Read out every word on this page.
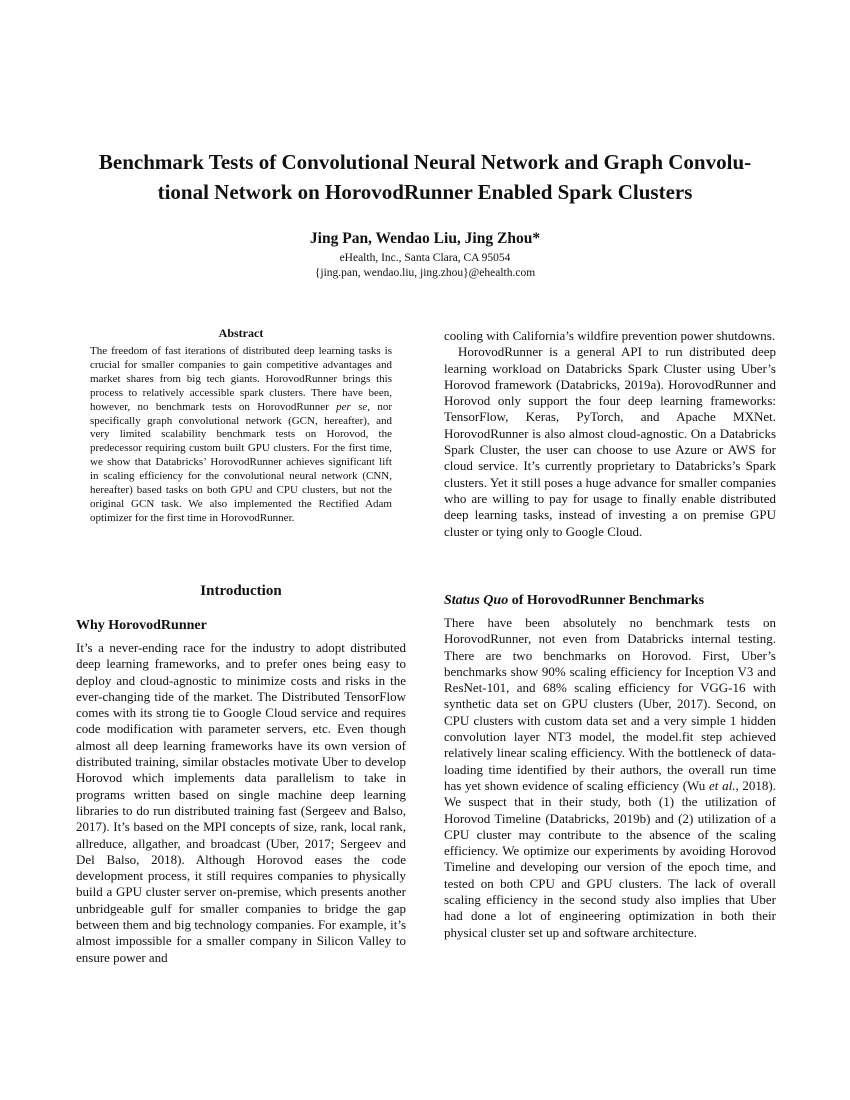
Benchmark Tests of Convolutional Neural Network and Graph Convolu-
tional Network on HorovodRunner Enabled Spark Clusters
Jing Pan, Wendao Liu, Jing Zhou*
eHealth, Inc., Santa Clara, CA 95054
{jing.pan, wendao.liu, jing.zhou}@ehealth.com
Abstract
The freedom of fast iterations of distributed deep learning tasks is crucial for smaller companies to gain competitive advantages and market shares from big tech giants. HorovodRunner brings this process to relatively accessible spark clusters. There have been, however, no benchmark tests on HorovodRunner per se, nor specifically graph convolutional network (GCN, hereafter), and very limited scalability benchmark tests on Horovod, the predecessor requiring custom built GPU clusters. For the first time, we show that Databricks’ HorovodRunner achieves significant lift in scaling efficiency for the convolutional neural network (CNN, hereafter) based tasks on both GPU and CPU clusters, but not the original GCN task. We also implemented the Rectified Adam optimizer for the first time in HorovodRunner.
Introduction
Why HorovodRunner
It’s a never-ending race for the industry to adopt distributed deep learning frameworks, and to prefer ones being easy to deploy and cloud-agnostic to minimize costs and risks in the ever-changing tide of the market. The Distributed TensorFlow comes with its strong tie to Google Cloud service and requires code modification with parameter servers, etc. Even though almost all deep learning frameworks have its own version of distributed training, similar obstacles motivate Uber to develop Horovod which implements data parallelism to take in programs written based on single machine deep learning libraries to do run distributed training fast (Sergeev and Balso, 2017). It’s based on the MPI concepts of size, rank, local rank, allreduce, allgather, and broadcast (Uber, 2017; Sergeev and Del Balso, 2018). Although Horovod eases the code development process, it still requires companies to physically build a GPU cluster server on-premise, which presents another unbridgeable gulf for smaller companies to bridge the gap between them and big technology companies. For example, it’s almost impossible for a smaller company in Silicon Valley to ensure power and

cooling with California’s wildfire prevention power shutdowns.

HorovodRunner is a general API to run distributed deep learning workload on Databricks Spark Cluster using Uber’s Horovod framework (Databricks, 2019a). HorovodRunner and Horovod only support the four deep learning frameworks: TensorFlow, Keras, PyTorch, and Apache MXNet. HorovodRunner is also almost cloud-agnostic. On a Databricks Spark Cluster, the user can choose to use Azure or AWS for cloud service. It’s currently proprietary to Databricks’s Spark clusters. Yet it still poses a huge advance for smaller companies who are willing to pay for usage to finally enable distributed deep learning tasks, instead of investing a on premise GPU cluster or tying only to Google Cloud.

Status Quo of HorovodRunner Benchmarks
There have been absolutely no benchmark tests on HorovodRunner, not even from Databricks internal testing. There are two benchmarks on Horovod. First, Uber’s benchmarks show 90% scaling efficiency for Inception V3 and ResNet-101, and 68% scaling efficiency for VGG-16 with synthetic data set on GPU clusters (Uber, 2017). Second, on CPU clusters with custom data set and a very simple 1 hidden convolution layer NT3 model, the model.fit step achieved relatively linear scaling efficiency. With the bottleneck of data-loading time identified by their authors, the overall run time has yet shown evidence of scaling efficiency (Wu et al., 2018). We suspect that in their study, both (1) the utilization of Horovod Timeline (Databricks, 2019b) and (2) utilization of a CPU cluster may contribute to the absence of the scaling efficiency. We optimize our experiments by avoiding Horovod Timeline and developing our version of the epoch time, and tested on both CPU and GPU clusters. The lack of overall scaling efficiency in the second study also implies that Uber had done a lot of engineering optimization in both their physical cluster set up and software architecture.
